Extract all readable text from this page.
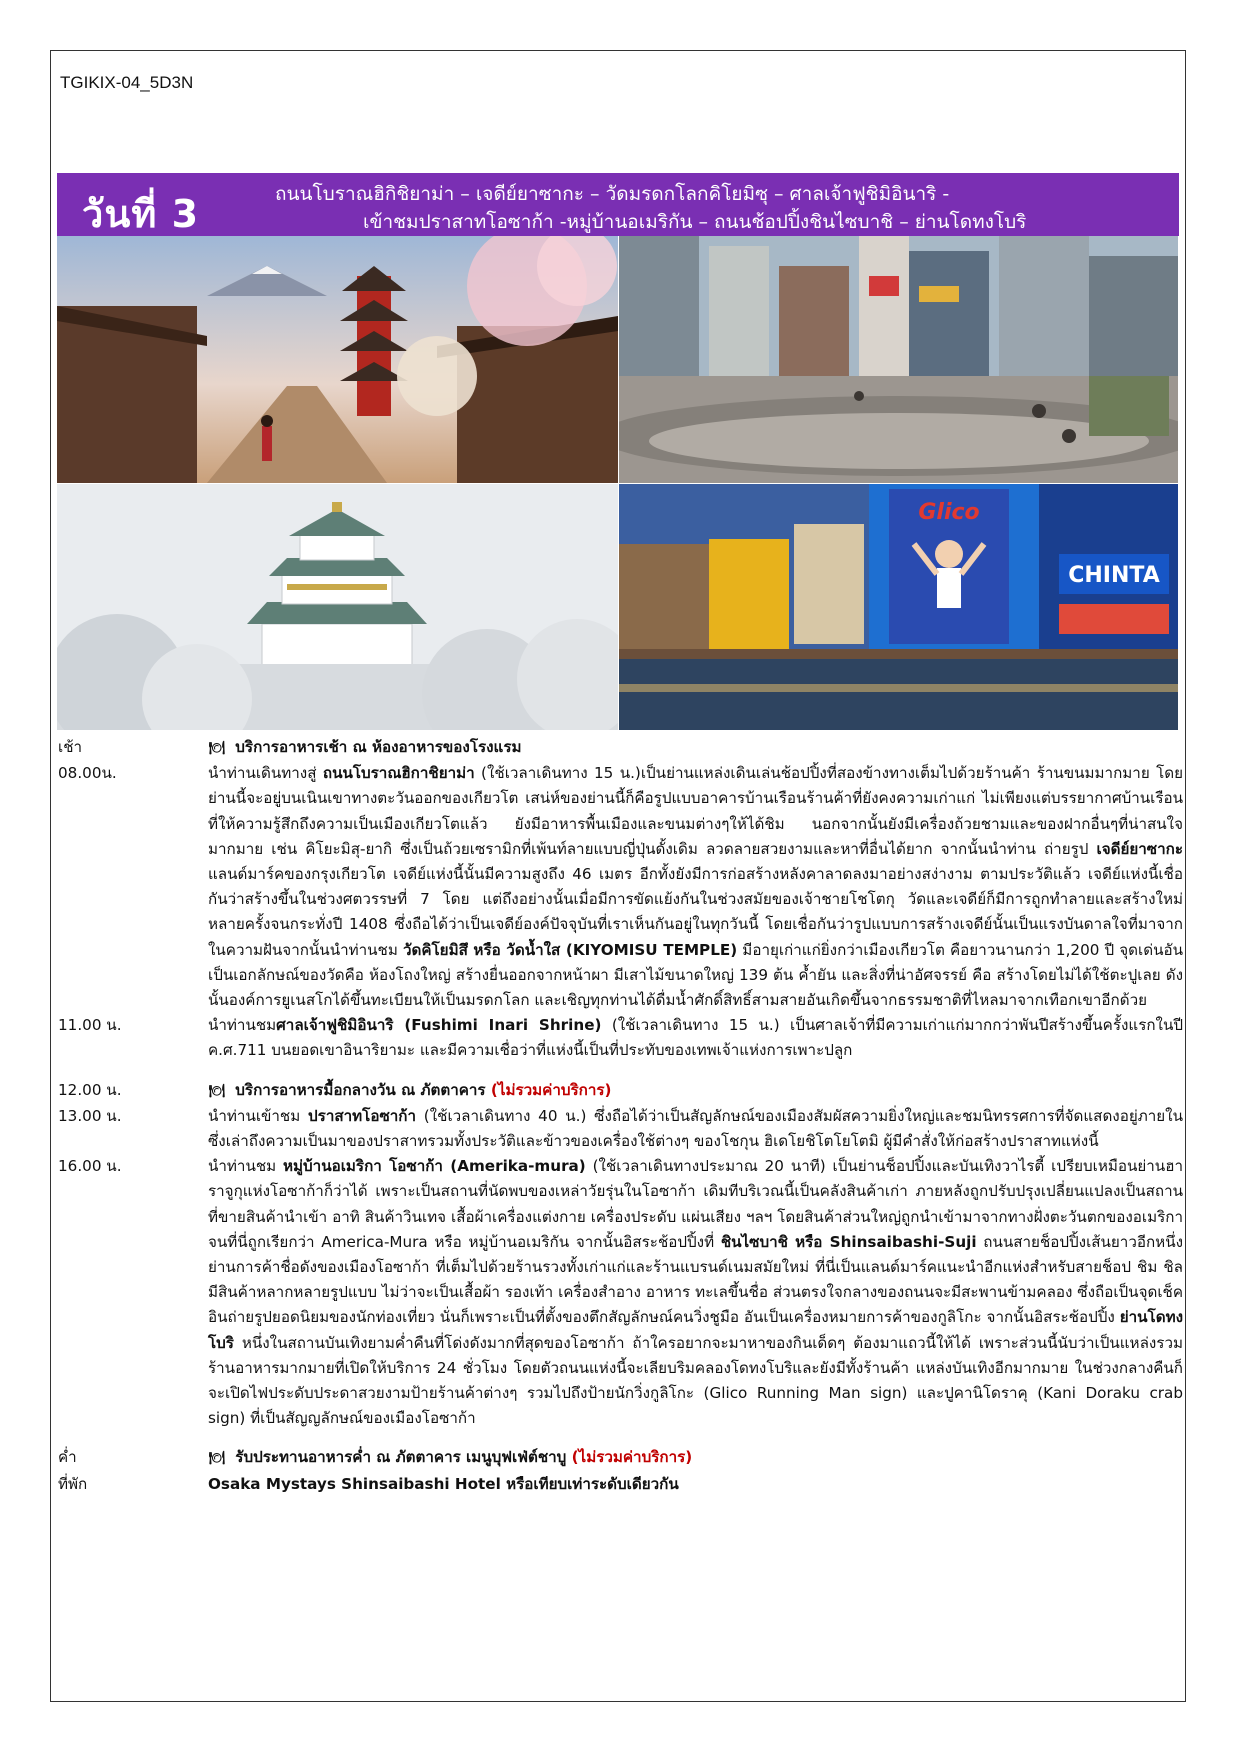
TGIKIX-04_5D3N
วันที่ 3	ถนนโบราณฮิกิชิยาม่า – เจดีย์ยาซากะ – วัดมรดกโลกคิโยมิซุ – ศาลเจ้าฟูชิมิอินาริ -
เข้าชมปราสาทโอซาก้า -หมู่บ้านอเมริกัน – ถนนช้อปปิ้งชินไซบาชิ – ย่านโดทงโบริ
Glico
CHINTA
เช้า	🍽 บริการอาหารเช้า ณ ห้องอาหารของโรงแรม
08.00น.	นำท่านเดินทางสู่ ถนนโบราณฮิกาชิยาม่า (ใช้เวลาเดินทาง 15 น.)เป็นย่านแหล่งเดินเล่นช้อปปิ้งที่สองข้างทางเต็มไปด้วยร้านค้า ร้านขนมมากมาย โดยย่านนี้จะอยู่บนเนินเขาทางตะวันออกของเกียวโต เสน่ห์ของย่านนี้ก็คือรูปแบบอาคารบ้านเรือนร้านค้าที่ยังคงความเก่าแก่ ไม่เพียงแต่บรรยากาศบ้านเรือนที่ให้ความรู้สึกถึงความเป็นเมืองเกียวโตแล้ว ยังมีอาหารพื้นเมืองและขนมต่างๆให้ได้ชิม นอกจากนั้นยังมีเครื่องถ้วยชามและของฝากอื่นๆที่น่าสนใจมากมาย เช่น คิโยะมิสุ-ยากิ ซึ่งเป็นถ้วยเซรามิกที่เพ้นท์ลายแบบญี่ปุ่นดั้งเดิม ลวดลายสวยงามและหาที่อื่นได้ยาก จากนั้นนำท่าน ถ่ายรูป เจดีย์ยาซากะ แลนด์มาร์คของกรุงเกียวโต เจดีย์แห่งนี้นั้นมีความสูงถึง 46 เมตร อีกทั้งยังมีการก่อสร้างหลังคาลาดลงมาอย่างสง่างาม ตามประวัติแล้ว เจดีย์แห่งนี้เชื่อกันว่าสร้างขึ้นในช่วงศตวรรษที่ 7 โดย แต่ถึงอย่างนั้นเมื่อมีการขัดแย้งกันในช่วงสมัยของเจ้าชายโชโตกุ วัดและเจดีย์ก็มีการถูกทำลายและสร้างใหม่หลายครั้งจนกระทั่งปี 1408 ซึ่งถือได้ว่าเป็นเจดีย์องค์ปัจจุบันที่เราเห็นกันอยู่ในทุกวันนี้ โดยเชื่อกันว่ารูปแบบการสร้างเจดีย์นั้นเป็นแรงบันดาลใจที่มาจากในความฝันจากนั้นนำท่านชม วัดคิโยมิสึ หรือ วัดน้ำใส (KIYOMISU TEMPLE) มีอายุเก่าแก่ยิ่งกว่าเมืองเกียวโต คือยาวนานกว่า 1,200 ปี จุดเด่นอันเป็นเอกลักษณ์ของวัดคือ ห้องโถงใหญ่ สร้างยื่นออกจากหน้าผา มีเสาไม้ขนาดใหญ่ 139 ต้น ค้ำยัน และสิ่งที่น่าอัศจรรย์ คือ สร้างโดยไม่ได้ใช้ตะปูเลย ดังนั้นองค์การยูเนสโกได้ขึ้นทะเบียนให้เป็นมรดกโลก และเชิญทุกท่านได้ดื่มน้ำศักดิ์สิทธิ์สามสายอันเกิดขึ้นจากธรรมชาติที่ไหลมาจากเทือกเขาอีกด้วย
11.00 น.	นำท่านชมศาลเจ้าฟูชิมิอินาริ (Fushimi Inari Shrine) (ใช้เวลาเดินทาง 15 น.) เป็นศาลเจ้าที่มีความเก่าแก่มากกว่าพันปีสร้างขึ้นครั้งแรกในปี ค.ศ.711 บนยอดเขาอินาริยามะ และมีความเชื่อว่าที่แห่งนี้เป็นที่ประทับของเทพเจ้าแห่งการเพาะปลูก
12.00 น.	🍽 บริการอาหารมื้อกลางวัน ณ ภัตตาคาร (ไม่รวมค่าบริการ)
13.00 น.	นำท่านเข้าชม ปราสาทโอซาก้า (ใช้เวลาเดินทาง 40 น.) ซึ่งถือได้ว่าเป็นสัญลักษณ์ของเมืองสัมผัสความยิ่งใหญ่และชมนิทรรศการที่จัดแสดงอยู่ภายใน ซึ่งเล่าถึงความเป็นมาของปราสาทรวมทั้งประวัติและข้าวของเครื่องใช้ต่างๆ ของโชกุน ฮิเดโยชิโตโยโตมิ ผู้มีคำสั่งให้ก่อสร้างปราสาทแห่งนี้
16.00 น.	นำท่านชม หมู่บ้านอเมริกา โอซาก้า (Amerika-mura) (ใช้เวลาเดินทางประมาณ 20 นาที) เป็นย่านช็อปปิ้งและบันเทิงวาไรตี้ เปรียบเหมือนย่านฮาราจูกุแห่งโอซาก้าก็ว่าได้ เพราะเป็นสถานที่นัดพบของเหล่าวัยรุ่นในโอซาก้า เดิมทีบริเวณนี้เป็นคลังสินค้าเก่า ภายหลังถูกปรับปรุงเปลี่ยนแปลงเป็นสถานที่ขายสินค้านำเข้า อาทิ สินค้าวินเทจ เสื้อผ้าเครื่องแต่งกาย เครื่องประดับ แผ่นเสียง ฯลฯ โดยสินค้าส่วนใหญ่ถูกนำเข้ามาจากทางฝั่งตะวันตกของอเมริกา จนที่นี่ถูกเรียกว่า America-Mura หรือ หมู่บ้านอเมริกัน จากนั้นอิสระช้อปปิ้งที่ ชินไซบาชิ หรือ Shinsaibashi-Suji ถนนสายช็อปปิ้งเส้นยาวอีกหนึ่งย่านการค้าชื่อดังของเมืองโอซาก้า ที่เต็มไปด้วยร้านรวงทั้งเก่าแก่และร้านแบรนด์เนมสมัยใหม่ ที่นี่เป็นแลนด์มาร์คแนะนำอีกแห่งสำหรับสายช็อป ชิม ชิล มีสินค้าหลากหลายรูปแบบ ไม่ว่าจะเป็นเสื้อผ้า รองเท้า เครื่องสำอาง อาหาร ทะเลขึ้นชื่อ ส่วนตรงใจกลางของถนนจะมีสะพานข้ามคลอง ซึ่งถือเป็นจุดเช็คอินถ่ายรูปยอดนิยมของนักท่องเที่ยว นั่นก็เพราะเป็นที่ตั้งของตึกสัญลักษณ์คนวิ่งชูมือ อันเป็นเครื่องหมายการค้าของกูลิโกะ จากนั้นอิสระช้อปปิ้ง ย่านโดทงโบริ หนึ่งในสถานบันเทิงยามค่ำคืนที่โด่งดังมากที่สุดของโอซาก้า ถ้าใครอยากจะมาหาของกินเด็ดๆ ต้องมาแถวนี้ให้ได้ เพราะส่วนนี้นับว่าเป็นแหล่งรวมร้านอาหารมากมายที่เปิดให้บริการ 24 ชั่วโมง โดยตัวถนนแห่งนี้จะเลียบริมคลองโดทงโบริและยังมีทั้งร้านค้า แหล่งบันเทิงอีกมากมาย ในช่วงกลางคืนก็จะเปิดไฟประดับประดาสวยงามป้ายร้านค้าต่างๆ รวมไปถึงป้ายนักวิ่งกูลิโกะ (Glico Running Man sign) และปูคานิโดราคุ (Kani Doraku crab sign) ที่เป็นสัญญลักษณ์ของเมืองโอซาก้า
ค่ำ	🍽 รับประทานอาหารค่ำ ณ ภัตตาคาร เมนูบุฟเฟ่ต์ชาบู (ไม่รวมค่าบริการ)
ที่พัก	Osaka Mystays Shinsaibashi Hotel หรือเทียบเท่าระดับเดียวกัน
